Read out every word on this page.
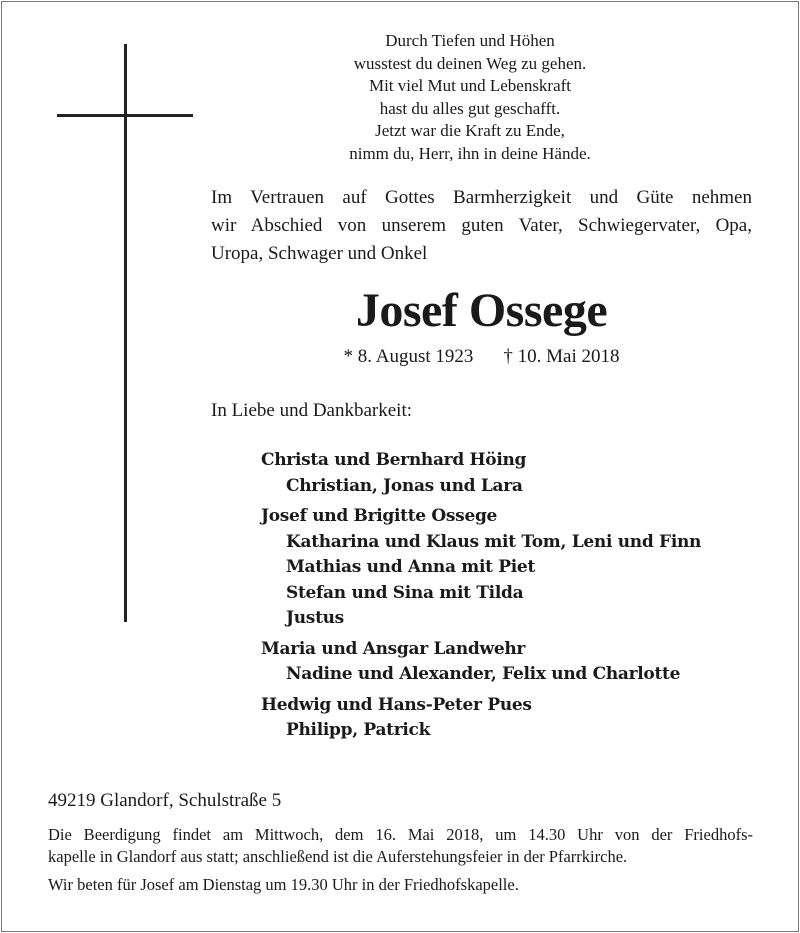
Durch Tiefen und Höhen
wusstest du deinen Weg zu gehen.
Mit viel Mut und Lebenskraft
hast du alles gut geschafft.
Jetzt war die Kraft zu Ende,
nimm du, Herr, ihn in deine Hände.
Im Vertrauen auf Gottes Barmherzigkeit und Güte nehmen
wir Abschied von unserem guten Vater, Schwiegervater, Opa,
Uropa, Schwager und Onkel
Josef Ossege
* 8. August 1923 † 10. Mai 2018
In Liebe und Dankbarkeit:
Christa und Bernhard Höing
Christian, Jonas und Lara
Josef und Brigitte Ossege
Katharina und Klaus mit Tom, Leni und Finn
Mathias und Anna mit Piet
Stefan und Sina mit Tilda
Justus
Maria und Ansgar Landwehr
Nadine und Alexander, Felix und Charlotte
Hedwig und Hans-Peter Pues
Philipp, Patrick
49219 Glandorf, Schulstraße 5
Die Beerdigung findet am Mittwoch, dem 16. Mai 2018, um 14.30 Uhr von der Friedhofs-
kapelle in Glandorf aus statt; anschließend ist die Auferstehungsfeier in der Pfarrkirche.
Wir beten für Josef am Dienstag um 19.30 Uhr in der Friedhofskapelle.
